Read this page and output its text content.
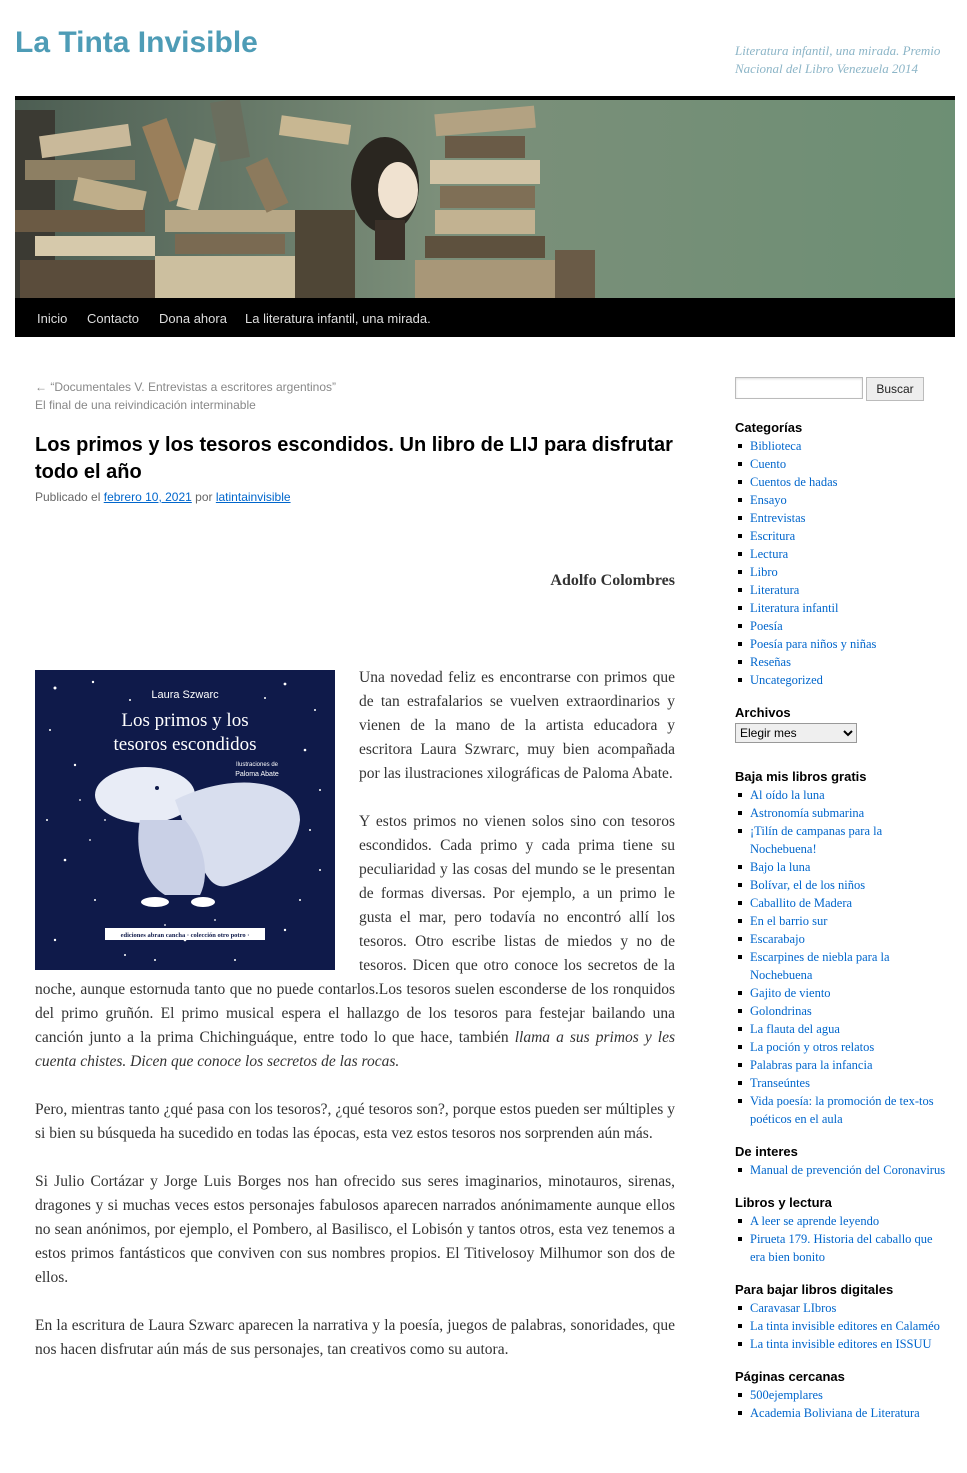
La Tinta Invisible	Literatura infantil, una mirada. Premio Nacional del Libro Venezuela 2014
Inicio Contacto Dona ahora La literatura infantil, una mirada.
← “Documentales V. Entrevistas a escritores argentinos”
El final de una reivindicación interminable
Los primos y los tesoros escondidos. Un libro de LIJ para disfrutar todo el año
Publicado el febrero 10, 2021 por latintainvisible
Adolfo Colombres
Laura Szwarc
Los primos y los
tesoros escondidos
Ilustraciones de
Paloma Abate
ediciones abran cancha · colección otro potro ·

Una novedad feliz es encontrarse con primos que de tan estrafalarios se vuelven extraordinarios y vienen de la mano de la artista educadora y escritora Laura Szwrarc, muy bien acompañada por las ilustraciones xilográficas de Paloma Abate.

Y estos primos no vienen solos sino con tesoros escondidos. Cada primo y cada prima tiene su peculiaridad y las cosas del mundo se le presentan de formas diversas. Por ejemplo, a un primo le gusta el mar, pero todavía no encontró allí los tesoros. Otro escribe listas de miedos y no de tesoros. Dicen que otro conoce los secretos de la noche, aunque estornuda tanto que no puede contarlos.Los tesoros suelen esconderse de los ronquidos del primo gruñón. El primo musical espera el hallazgo de los tesoros para festejar bailando una canción junto a la prima Chichinguáque, entre todo lo que hace, también llama a sus primos y les cuenta chistes. Dicen que conoce los secretos de las rocas.

Pero, mientras tanto ¿qué pasa con los tesoros?, ¿qué tesoros son?, porque estos pueden ser múltiples y si bien su búsqueda ha sucedido en todas las épocas, esta vez estos tesoros nos sorprenden aún más.

Si Julio Cortázar y Jorge Luis Borges nos han ofrecido sus seres imaginarios, minotauros, sirenas, dragones y si muchas veces estos personajes fabulosos aparecen narrados anónimamente aunque ellos no sean anónimos, por ejemplo, el Pombero, al Basilisco, el Lobisón y tantos otros, esta vez tenemos a estos primos fantásticos que conviven con sus nombres propios. El Titivelosoy Milhumor son dos de ellos.

En la escritura de Laura Szwarc aparecen la narrativa y la poesía, juegos de palabras, sonoridades, que nos hacen disfrutar aún más de sus personajes, tan creativos como su autora.

Buscar
Categorías
Biblioteca
Cuento
Cuentos de hadas
Ensayo
Entrevistas
Escritura
Lectura
Libro
Literatura
Literatura infantil
Poesía
Poesía para niños y niñas
Reseñas
Uncategorized
Archivos
Elegir mes
Baja mis libros gratis
Al oído la luna
Astronomía submarina
¡Tilín de campanas para la Nochebuena!
Bajo la luna
Bolívar, el de los niños
Caballito de Madera
En el barrio sur
Escarabajo
Escarpines de niebla para la Nochebuena
Gajito de viento
Golondrinas
La flauta del agua
La poción y otros relatos
Palabras para la infancia
Transeúntes
Vida poesía: la promoción de tex-tos poéticos en el aula
De interes
Manual de prevención del Coronavirus
Libros y lectura
A leer se aprende leyendo
Pirueta 179. Historia del caballo que era bien bonito
Para bajar libros digitales
Caravasar LIbros
La tinta invisible editores en Calaméo
La tinta invisible editores en ISSUU
Páginas cercanas
500ejemplares
Academia Boliviana de Literatura
